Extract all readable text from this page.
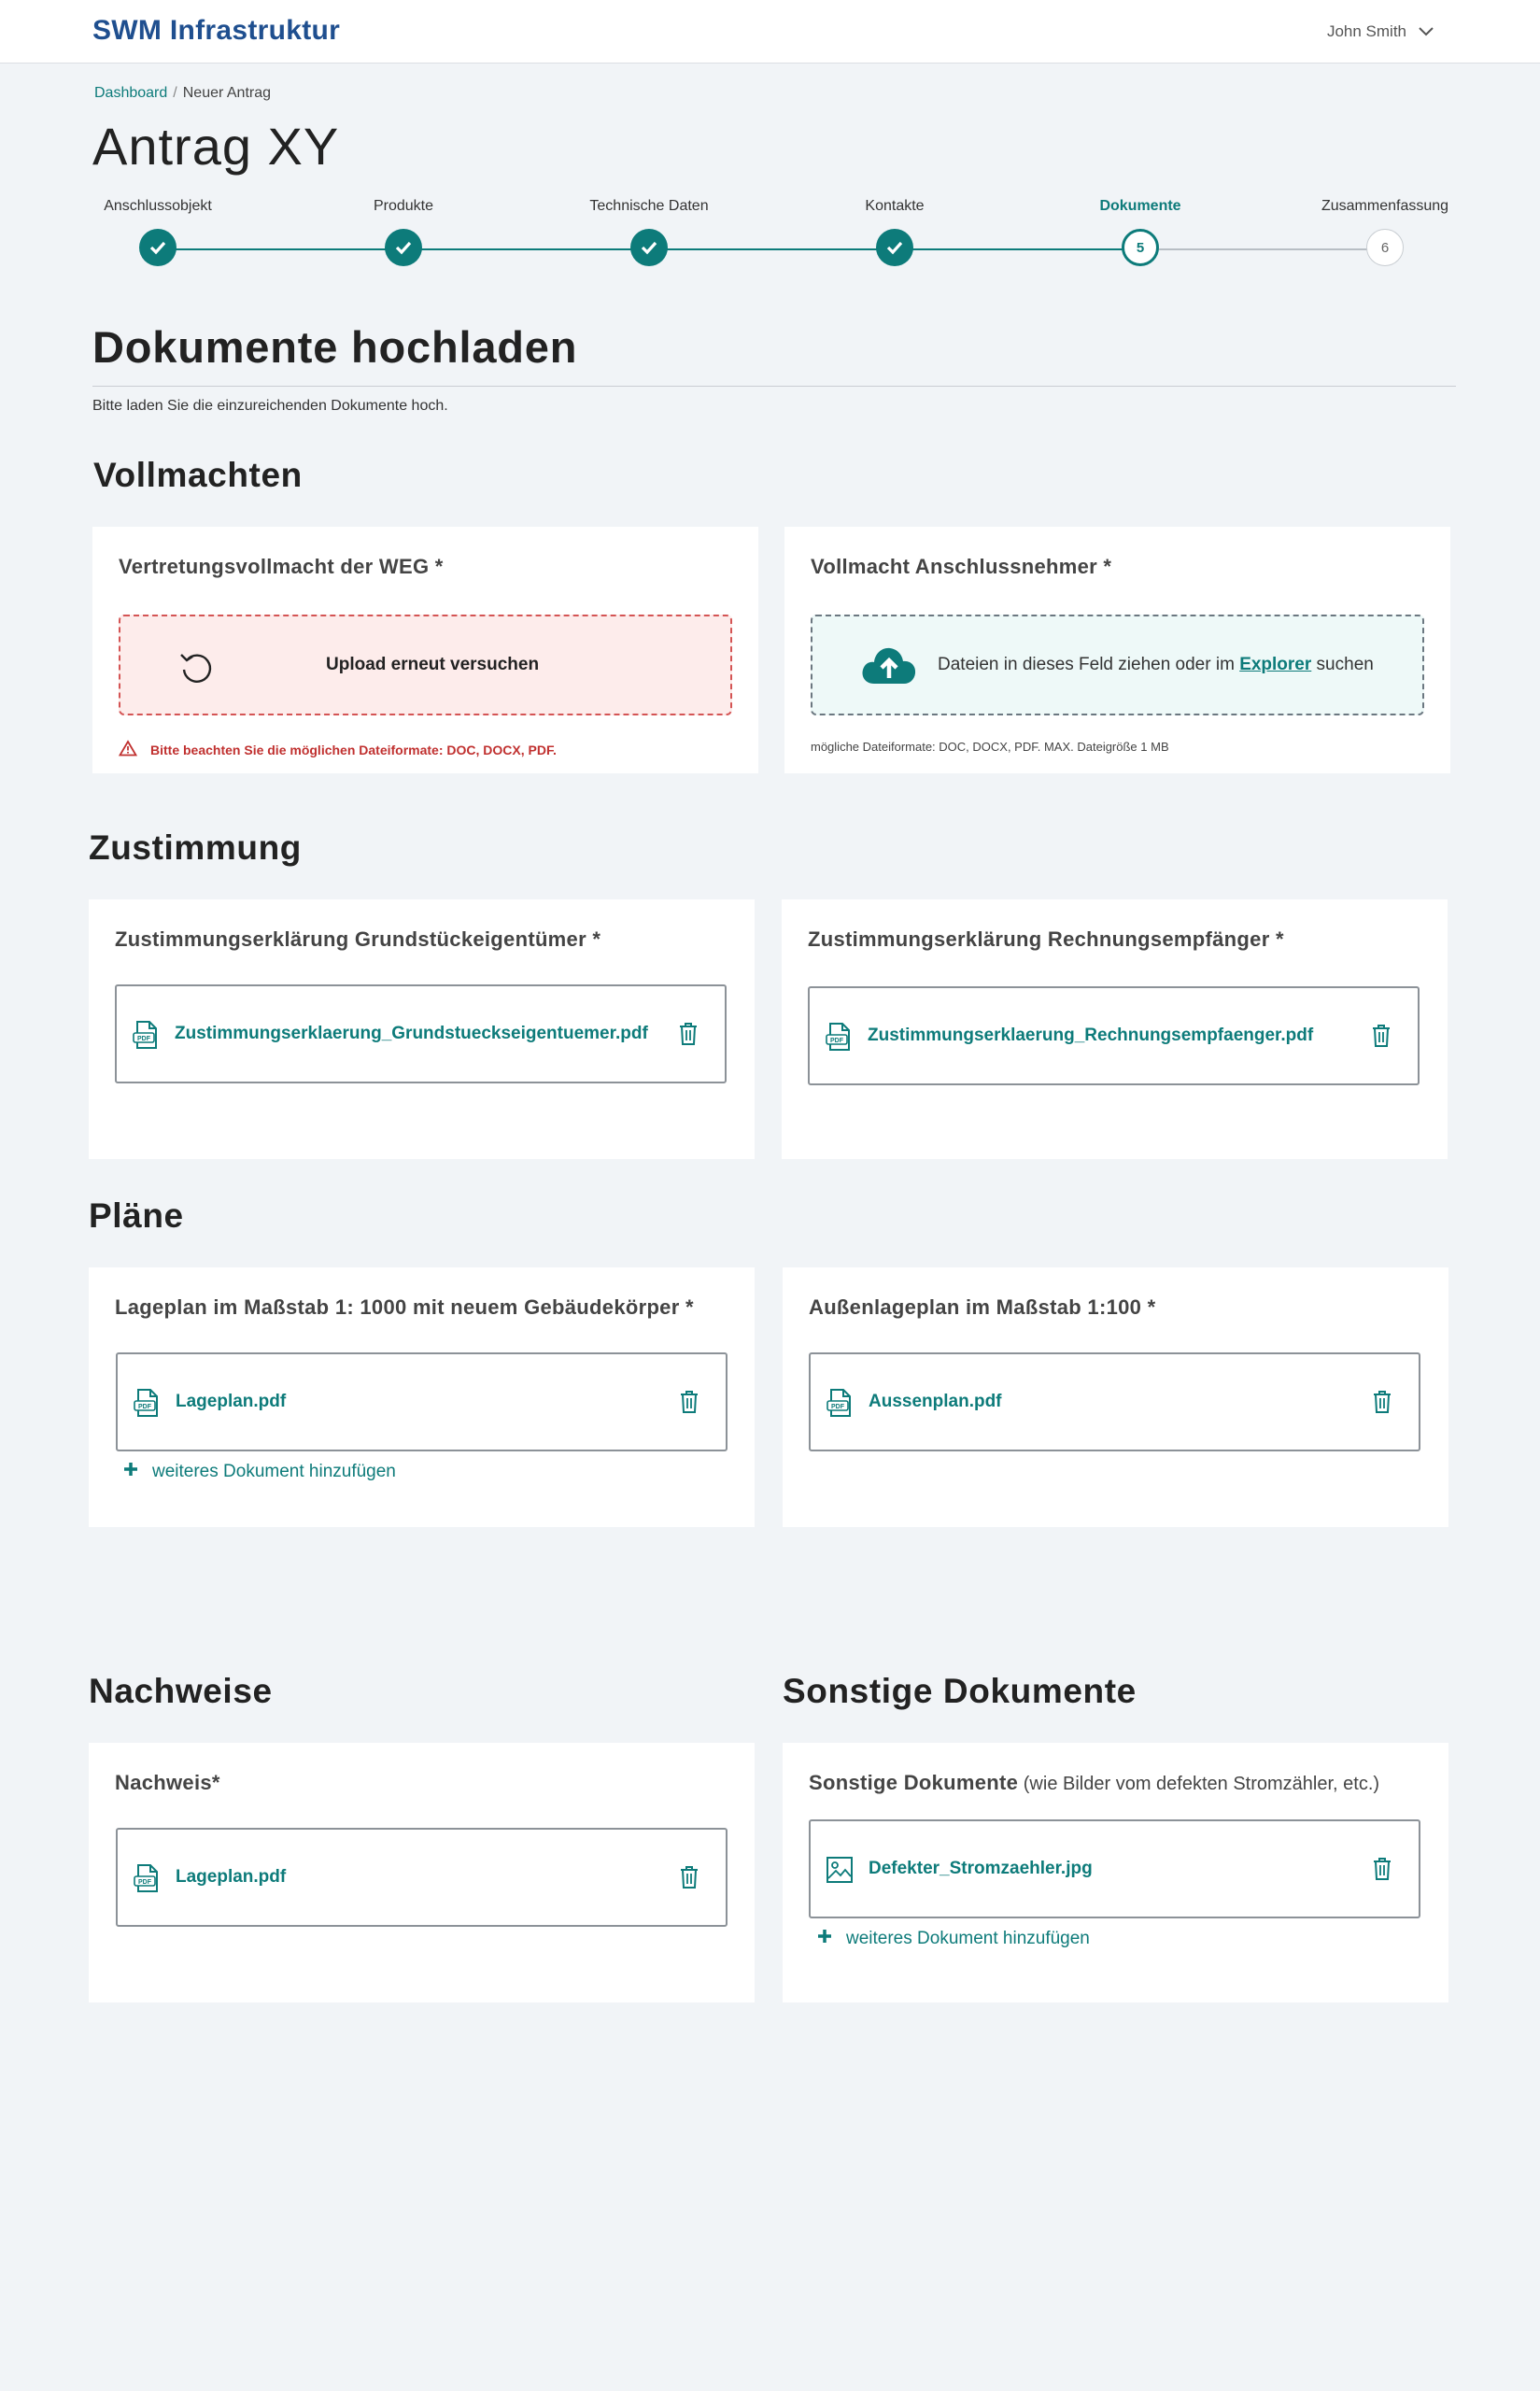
SWM Infrastruktur	John Smith
Dashboard / Neuer Antrag
Antrag XY
Anschlussobjekt	Produkte	Technische Daten	Kontakte	Dokumente
5
Zusammenfassung
6
Dokumente hochladen

Bitte laden Sie die einzureichenden Dokumente hoch.

Vollmachten
Vertretungsvollmacht der WEG *
Upload erneut versuchen
Bitte beachten Sie die möglichen Dateiformate: DOC, DOCX, PDF.
Vollmacht Anschlussnehmer *
Dateien in dieses Feld ziehen oder im Explorer suchen
mögliche Dateiformate: DOC, DOCX, PDF. MAX. Dateigröße 1 MB
Zustimmung
Zustimmungserklärung Grundstückeigentümer *
PDF Zustimmungserklaerung_Grundstueckseigentuemer.pdf
Zustimmungserklärung Rechnungsempfänger *
PDF Zustimmungserklaerung_Rechnungsempfaenger.pdf
Pläne
Lageplan im Maßstab 1: 1000 mit neuem Gebäudekörper *
PDF Lageplan.pdf
weiteres Dokument hinzufügen
Außenlageplan im Maßstab 1:100 *
PDF Aussenplan.pdf
Nachweise
Nachweis*
PDF Lageplan.pdf
Sonstige Dokumente
Sonstige Dokumente (wie Bilder vom defekten Stromzähler, etc.)
Defekter_Stromzaehler.jpg
weiteres Dokument hinzufügen
